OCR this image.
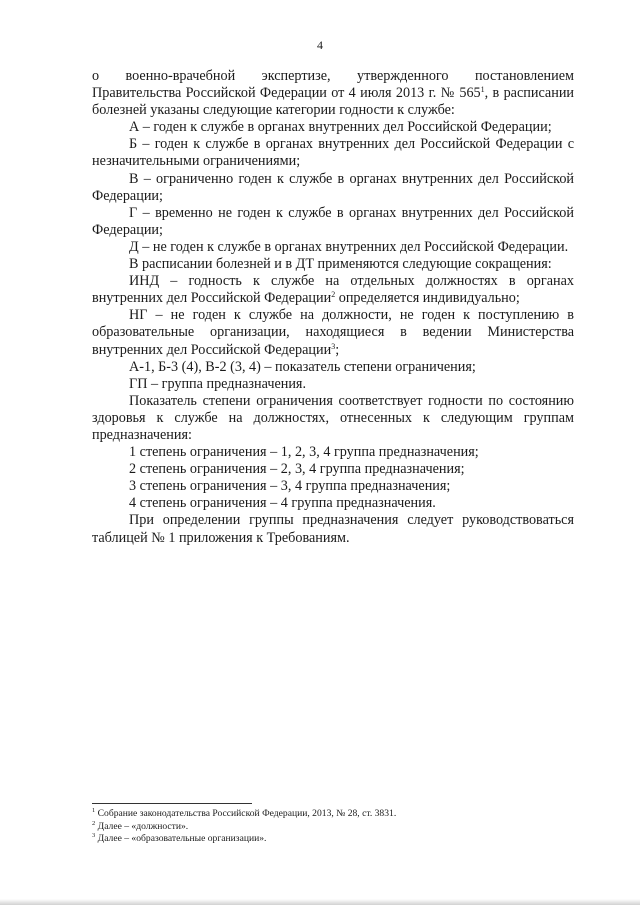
4

о военно-врачебной экспертизе, утвержденного постановлением Правительства Российской Федерации от 4 июля 2013 г. № $565^1$, в расписании болезней указаны следующие категории годности к службе:

А – годен к службе в органах внутренних дел Российской Федерации;

Б – годен к службе в органах внутренних дел Российской Федерации с незначительными ограничениями;

В – ограниченно годен к службе в органах внутренних дел Российской Федерации;

Г – временно не годен к службе в органах внутренних дел Российской Федерации;

Д – не годен к службе в органах внутренних дел Российской Федерации.

В расписании болезней и в ДТ применяются следующие сокращения:

ИНД – годность к службе на отдельных должностях в органах внутренних дел Российской Федерации$^2$ определяется индивидуально;

НГ – не годен к службе на должности, не годен к поступлению в образовательные организации, находящиеся в ведении Министерства внутренних дел Российской Федерации$^3$;

А-1, Б-3 (4), В-2 (3, 4) – показатель степени ограничения;

ГП – группа предназначения.

Показатель степени ограничения соответствует годности по состоянию здоровья к службе на должностях, отнесенных к следующим группам предназначения:

1 степень ограничения – 1, 2, 3, 4 группа предназначения;

2 степень ограничения – 2, 3, 4 группа предназначения;

3 степень ограничения – 3, 4 группа предназначения;

4 степень ограничения – 4 группа предназначения.

При определении группы предназначения следует руководствоваться таблицей № 1 приложения к Требованиям.

$^1$ Собрание законодательства Российской Федерации, 2013, № 28, ст. 3831.
$^2$ Далее – «должности».
$^3$ Далее – «образовательные организации».
